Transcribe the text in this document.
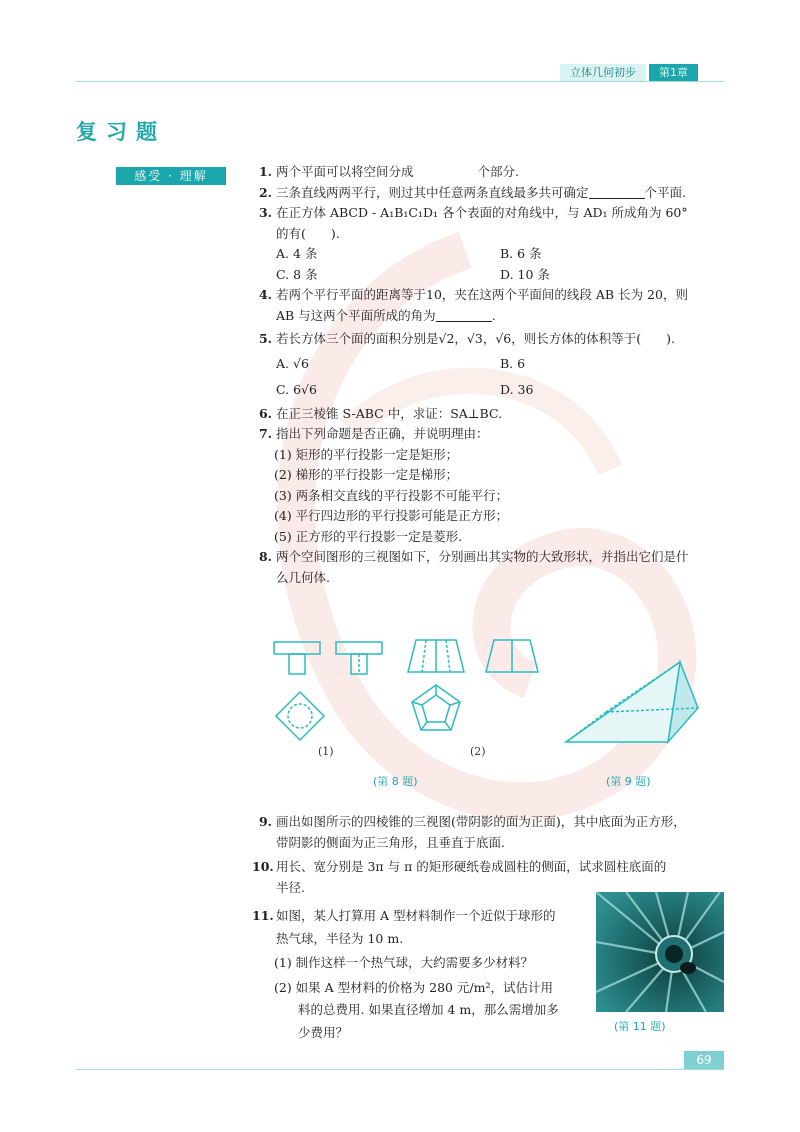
立体几何初步	第1章
复习题
感受 · 理解	1. 两个平面可以将空间分成	个部分.
2. 三条直线两两平行，则过其中任意两条直线最多共可确定	个平面.
3. 在正方体 ABCD - A₁B₁C₁D₁ 各个表面的对角线中，与 AD₁ 所成角为 60°
的有(　　).
A. 4 条	B. 6 条
C. 8 条	D. 10 条
4. 若两个平行平面的距离等于10，夹在这两个平面间的线段 AB 长为 20，则
AB 与这两个平面所成的角为	.
5. 若长方体三个面的面积分别是√2，√3，√6，则长方体的体积等于(　　).
A. √6	B. 6
C. 6√6	D. 36
6. 在正三棱锥 S-ABC 中，求证：SA⊥BC.
7. 指出下列命题是否正确，并说明理由：
(1) 矩形的平行投影一定是矩形；
(2) 梯形的平行投影一定是梯形；
(3) 两条相交直线的平行投影不可能平行；
(4) 平行四边形的平行投影可能是正方形；
(5) 正方形的平行投影一定是菱形.
8. 两个空间图形的三视图如下，分别画出其实物的大致形状，并指出它们是什
么几何体.
(1)	(2)
(第 8 题)	(第 9 题)
9. 画出如图所示的四棱锥的三视图(带阴影的面为正面)，其中底面为正方形，
带阴影的侧面为正三角形，且垂直于底面.
10. 用长、宽分别是 3π 与 π 的矩形硬纸卷成圆柱的侧面，试求圆柱底面的
半径.
11. 如图，某人打算用 A 型材料制作一个近似于球形的
热气球，半径为 10 m.
(1) 制作这样一个热气球，大约需要多少材料？
(2) 如果 A 型材料的价格为 280 元/m²，试估计用
料的总费用. 如果直径增加 4 m，那么需增加多
少费用？	(第 11 题)
69
